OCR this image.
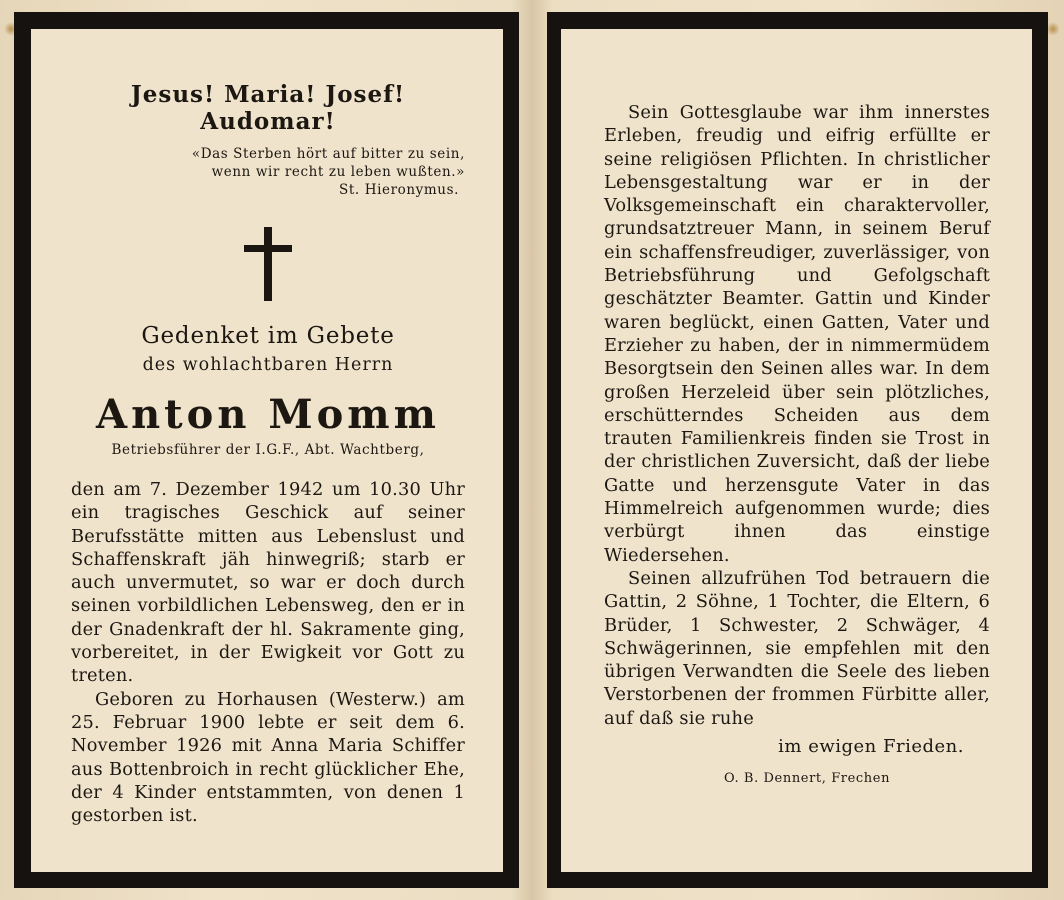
Jesus! Maria! Josef! Audomar!
«Das Sterben hört auf bitter zu sein,
wenn wir recht zu leben wußten.»
St. Hieronymus.
Gedenket im Gebete
des wohlachtbaren Herrn
Anton Momm
Betriebsführer der I.G.F., Abt. Wachtberg,

den am 7. Dezember 1942 um 10.30 Uhr ein tragisches Geschick auf seiner Berufsstätte mitten aus Lebenslust und Schaffenskraft jäh hinwegriß; starb er auch unvermutet, so war er doch durch seinen vorbildlichen Lebensweg, den er in der Gnadenkraft der hl. Sakramente ging, vorbereitet, in der Ewigkeit vor Gott zu treten.

Geboren zu Horhausen (Westerw.) am 25. Februar 1900 lebte er seit dem 6. November 1926 mit Anna Maria Schiffer aus Bottenbroich in recht glücklicher Ehe, der 4 Kinder entstammten, von denen 1 gestorben ist.

Sein Gottesglaube war ihm innerstes Erleben, freudig und eifrig erfüllte er seine religiösen Pflichten. In christlicher Lebensgestaltung war er in der Volksgemeinschaft ein charaktervoller, grundsatztreuer Mann, in seinem Beruf ein schaffensfreudiger, zuverlässiger, von Betriebsführung und Gefolgschaft geschätzter Beamter. Gattin und Kinder waren beglückt, einen Gatten, Vater und Erzieher zu haben, der in nimmermüdem Besorgtsein den Seinen alles war. In dem großen Herzeleid über sein plötzliches, erschütterndes Scheiden aus dem trauten Familienkreis finden sie Trost in der christlichen Zuversicht, daß der liebe Gatte und herzensgute Vater in das Himmelreich aufgenommen wurde; dies verbürgt ihnen das einstige Wiedersehen.

Seinen allzufrühen Tod betrauern die Gattin, 2 Söhne, 1 Tochter, die Eltern, 6 Brüder, 1 Schwester, 2 Schwäger, 4 Schwägerinnen, sie empfehlen mit den übrigen Verwandten die Seele des lieben Verstorbenen der frommen Fürbitte aller, auf daß sie ruhe

im ewigen Frieden.
O. B. Dennert, Frechen
